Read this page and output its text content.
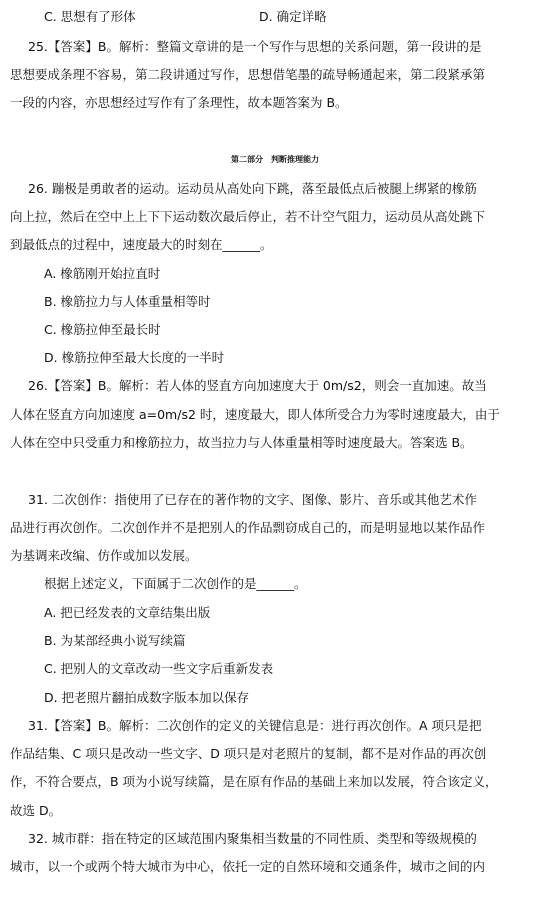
C. 思想有了形体	D. 确定详略
25.【答案】B。解析：整篇文章讲的是一个写作与思想的关系问题，第一段讲的是
思想要成条理不容易，第二段讲通过写作，思想借笔墨的疏导畅通起来，第二段紧承第
一段的内容，亦思想经过写作有了条理性，故本题答案为 B。
第二部分　判断推理能力
26. 蹦极是勇敢者的运动。运动员从高处向下跳，落至最低点后被腿上绑紧的橡筋
向上拉，然后在空中上上下下运动数次最后停止，若不计空气阻力，运动员从高处跳下
到最低点的过程中，速度最大的时刻在______。
A. 橡筋刚开始拉直时
B. 橡筋拉力与人体重量相等时
C. 橡筋拉伸至最长时
D. 橡筋拉伸至最大长度的一半时
26.【答案】B。解析：若人体的竖直方向加速度大于 0m/s2，则会一直加速。故当
人体在竖直方向加速度 a=0m/s2 时，速度最大，即人体所受合力为零时速度最大，由于
人体在空中只受重力和橡筋拉力，故当拉力与人体重量相等时速度最大。答案选 B。
31. 二次创作：指使用了已存在的著作物的文字、图像、影片、音乐或其他艺术作
品进行再次创作。二次创作并不是把别人的作品剽窃成自己的，而是明显地以某作品作
为基调来改编、仿作或加以发展。
根据上述定义，下面属于二次创作的是______。
A. 把已经发表的文章结集出版
B. 为某部经典小说写续篇
C. 把别人的文章改动一些文字后重新发表
D. 把老照片翻拍成数字版本加以保存
31.【答案】B。解析：二次创作的定义的关键信息是：进行再次创作。A 项只是把
作品结集、C 项只是改动一些文字、D 项只是对老照片的复制，都不是对作品的再次创
作，不符合要点，B 项为小说写续篇，是在原有作品的基础上来加以发展，符合该定义，
故选 D。
32. 城市群：指在特定的区域范围内聚集相当数量的不同性质、类型和等级规模的
城市，以一个或两个特大城市为中心，依托一定的自然环境和交通条件，城市之间的内
